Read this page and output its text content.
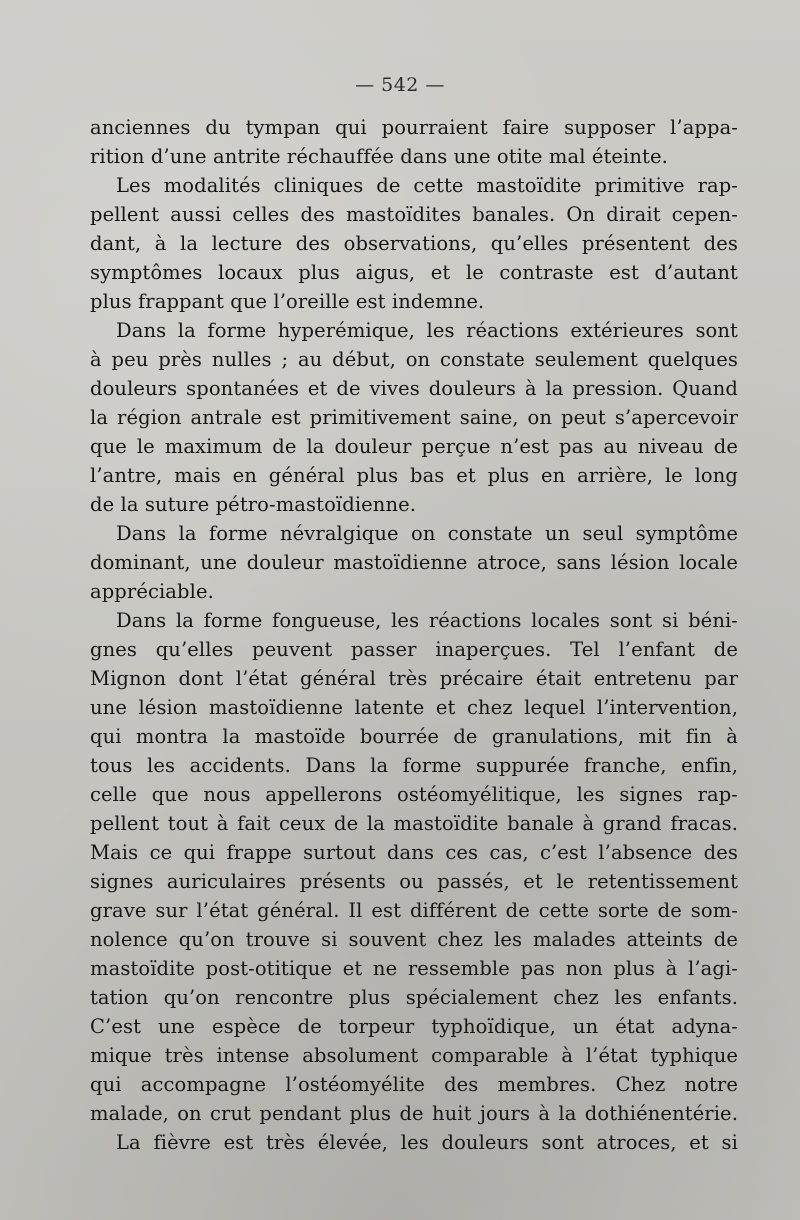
— 542 —
anciennes du tympan qui pourraient faire supposer l’appa-
rition d’une antrite réchauffée dans une otite mal éteinte.
Les modalités cliniques de cette mastoïdite primitive rap-
pellent aussi celles des mastoïdites banales. On dirait cepen-
dant, à la lecture des observations, qu’elles présentent des
symptômes locaux plus aigus, et le contraste est d’autant
plus frappant que l’oreille est indemne.
Dans la forme hyperémique, les réactions extérieures sont
à peu près nulles ; au début, on constate seulement quelques
douleurs spontanées et de vives douleurs à la pression. Quand
la région antrale est primitivement saine, on peut s’apercevoir
que le maximum de la douleur perçue n’est pas au niveau de
l’antre, mais en général plus bas et plus en arrière, le long
de la suture pétro-mastoïdienne.
Dans la forme névralgique on constate un seul symptôme
dominant, une douleur mastoïdienne atroce, sans lésion locale
appréciable.
Dans la forme fongueuse, les réactions locales sont si béni-
gnes qu’elles peuvent passer inaperçues. Tel l’enfant de
Mignon dont l’état général très précaire était entretenu par
une lésion mastoïdienne latente et chez lequel l’intervention,
qui montra la mastoïde bourrée de granulations, mit fin à
tous les accidents. Dans la forme suppurée franche, enfin,
celle que nous appellerons ostéomyélitique, les signes rap-
pellent tout à fait ceux de la mastoïdite banale à grand fracas.
Mais ce qui frappe surtout dans ces cas, c’est l’absence des
signes auriculaires présents ou passés, et le retentissement
grave sur l’état général. Il est différent de cette sorte de som-
nolence qu’on trouve si souvent chez les malades atteints de
mastoïdite post-otitique et ne ressemble pas non plus à l’agi-
tation qu’on rencontre plus spécialement chez les enfants.
C’est une espèce de torpeur typhoïdique, un état adyna-
mique très intense absolument comparable à l’état typhique
qui accompagne l’ostéomyélite des membres. Chez notre
malade, on crut pendant plus de huit jours à la dothiénentérie.
La fièvre est très élevée, les douleurs sont atroces, et si
